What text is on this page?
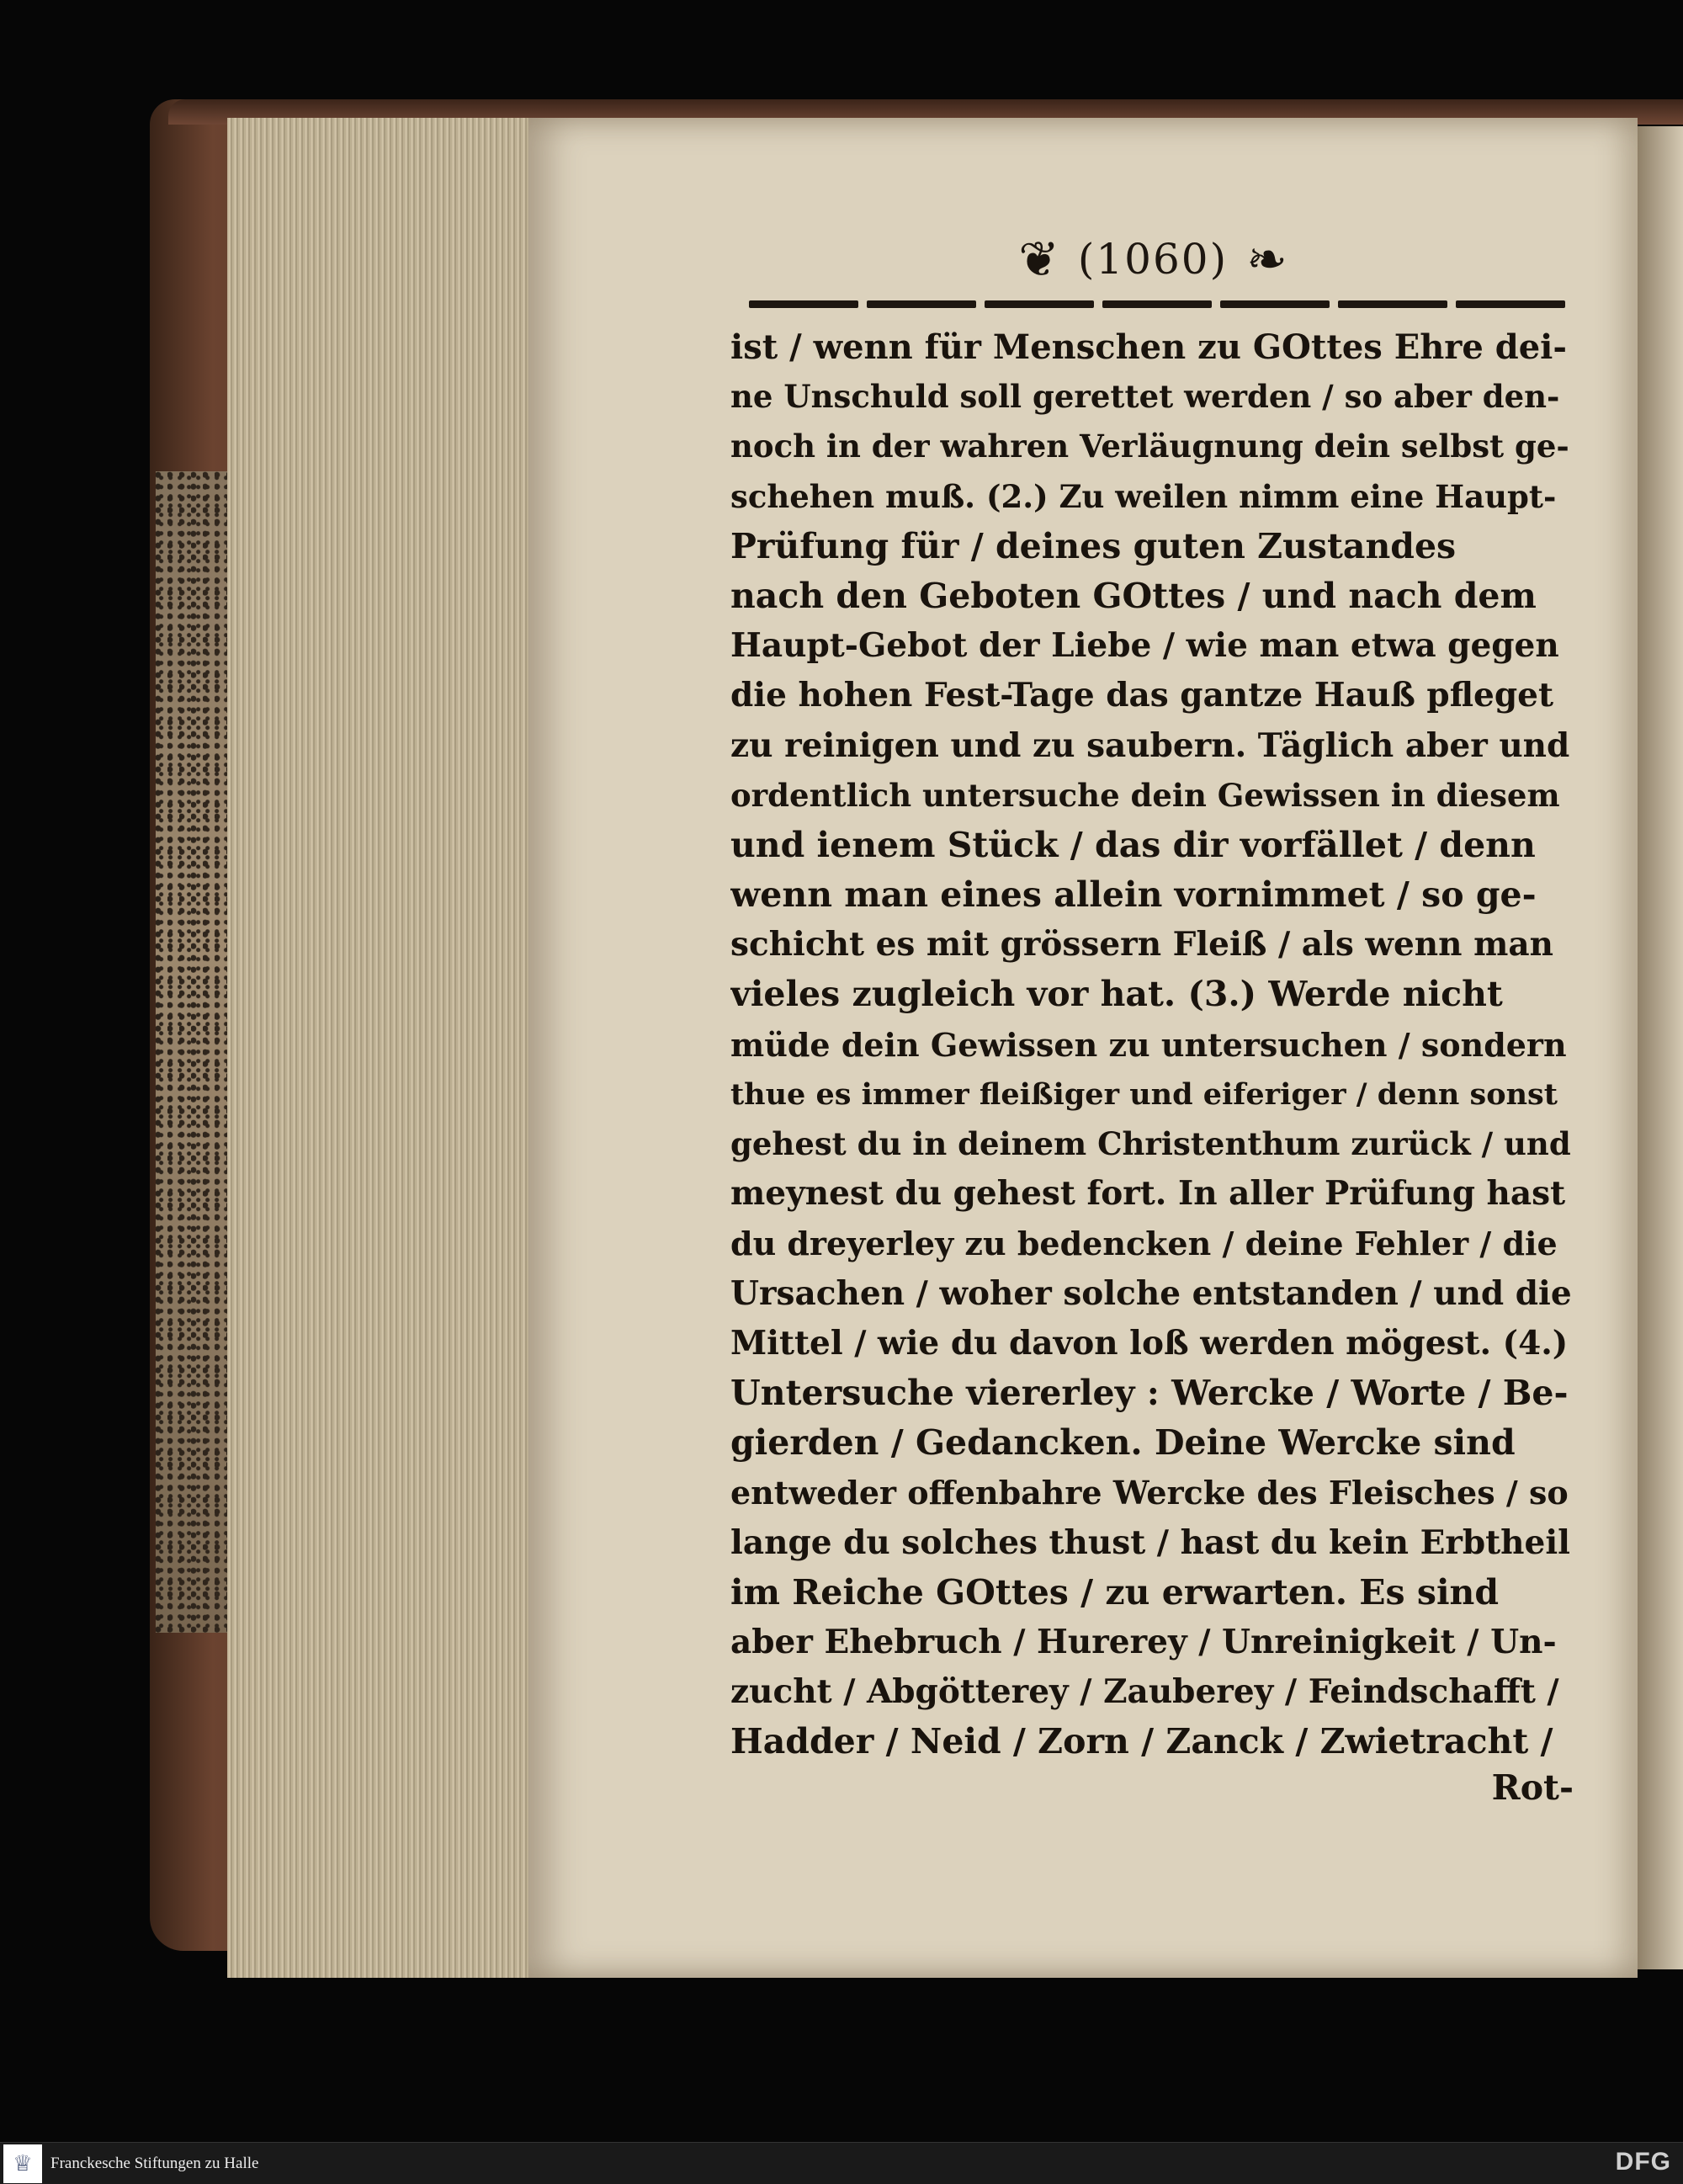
❦ (1060) ❧
ist / wenn für Menschen zu GOttes Ehre dei-
ne Unschuld soll gerettet werden / so aber den-
noch in der wahren Verläugnung dein selbst ge-
schehen muß. (2.) Zu weilen nimm eine Haupt-
Prüfung für / deines guten Zustandes
nach den Geboten GOttes / und nach dem
Haupt-Gebot der Liebe / wie man etwa gegen
die hohen Fest-Tage das gantze Hauß pfleget
zu reinigen und zu saubern. Täglich aber und
ordentlich untersuche dein Gewissen in diesem
und ienem Stück / das dir vorfället / denn
wenn man eines allein vornimmet / so ge-
schicht es mit grössern Fleiß / als wenn man
vieles zugleich vor hat. (3.) Werde nicht
müde dein Gewissen zu untersuchen / sondern
thue es immer fleißiger und eiferiger / denn sonst
gehest du in deinem Christenthum zurück / und
meynest du gehest fort. In aller Prüfung hast
du dreyerley zu bedencken / deine Fehler / die
Ursachen / woher solche entstanden / und die
Mittel / wie du davon loß werden mögest. (4.)
Untersuche viererley : Wercke / Worte / Be-
gierden / Gedancken. Deine Wercke sind
entweder offenbahre Wercke des Fleisches / so
lange du solches thust / hast du kein Erbtheil
im Reiche GOttes / zu erwarten. Es sind
aber Ehebruch / Hurerey / Unreinigkeit / Un-
zucht / Abgötterey / Zauberey / Feindschafft /
Hadder / Neid / Zorn / Zanck / Zwietracht /
Rot-
♕	Franckesche Stiftungen zu Halle	DFG
